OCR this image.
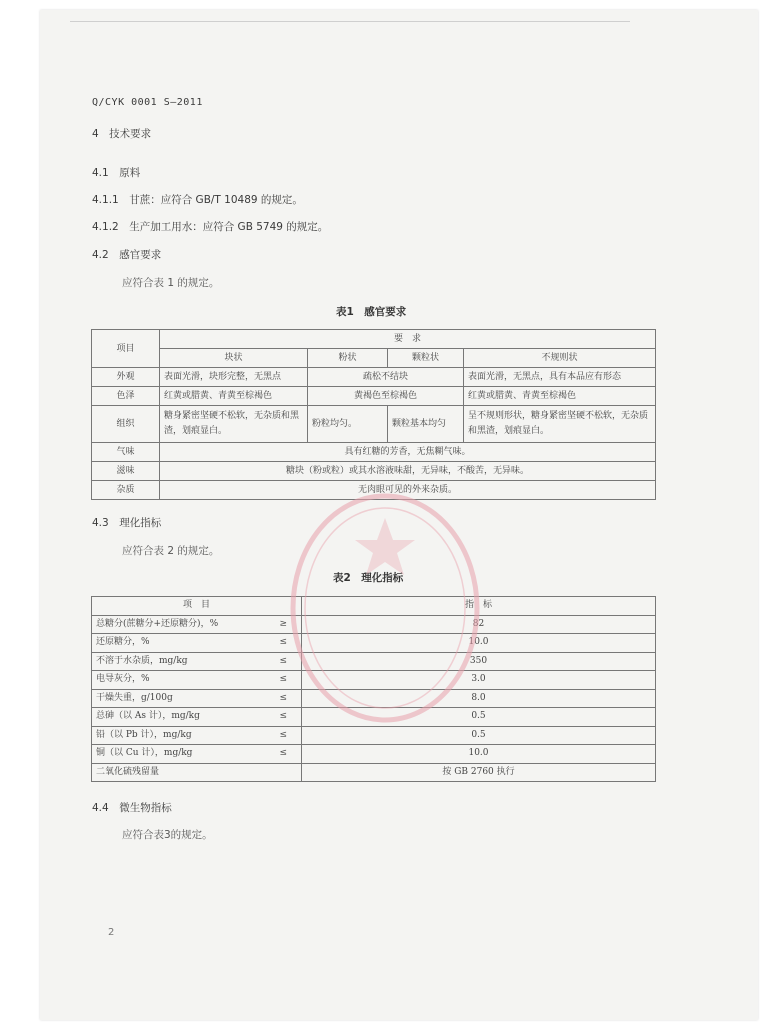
Q/CYK 0001 S—2011
4　技术要求
4.1　原料
4.1.1　甘蔗：应符合 GB/T 10489 的规定。
4.1.2　生产加工用水：应符合 GB 5749 的规定。
4.2　感官要求
应符合表 1 的规定。
表1　感官要求
项目	要　求			
	块状	粉状	颗粒状	不规则状
外观	表面光滑，块形完整，无黑点	疏松不结块		表面光滑，无黑点，具有本品应有形态
色泽	红黄或腊黄、青黄至棕褐色	黄褐色至棕褐色		红黄或腊黄、青黄至棕褐色
组织	糖身紧密坚硬不松软，无杂质和黑渣，划痕显白。	粉粒均匀。	颗粒基本均匀	呈不规则形状，糖身紧密坚硬不松软，无杂质和黑渣，划痕显白。
气味	具有红糖的芳香，无焦糊气味。			
滋味	糖块（粉或粒）或其水溶液味甜，无异味，不酸苦，无异味。			
杂质	无肉眼可见的外来杂质。			
4.3　理化指标
应符合表 2 的规定。
表2　理化指标
项　目		指　标
总糖分(蔗糖分+还原糖分)，%	≥	82
还原糖分，%	≤	10.0
不溶于水杂质，mg/kg	≤	350
电导灰分，%	≤	3.0
干燥失重，g/100g	≤	8.0
总砷（以 As 计），mg/kg	≤	0.5
铅（以 Pb 计），mg/kg	≤	0.5
铜（以 Cu 计），mg/kg	≤	10.0
二氧化硫残留量		按 GB 2760 执行
4.4　微生物指标
应符合表3的规定。
2
